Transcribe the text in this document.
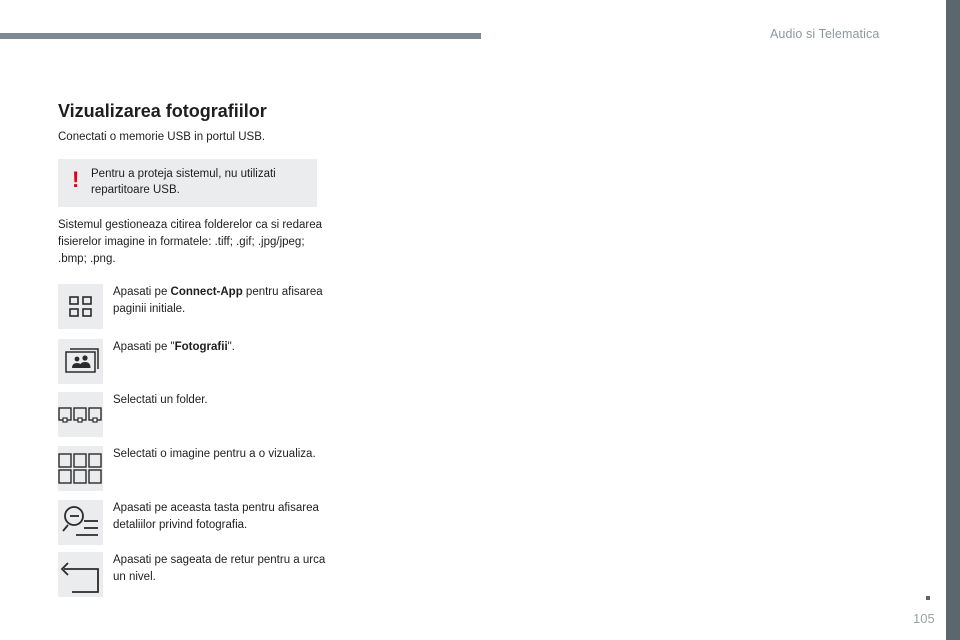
Audio si Telematica
105
Vizualizarea fotografiilor
Conectati o memorie USB in portul USB.
! Pentru a proteja sistemul, nu utilizati repartitoare USB.
Sistemul gestioneaza citirea folderelor ca si redarea fisierelor imagine in formatele: .tiff; .gif; .jpg/jpeg; .bmp; .png.
Apasati pe Connect-App pentru afisarea paginii initiale.
Apasati pe "Fotografii".
Selectati un folder.
Selectati o imagine pentru a o vizualiza.
Apasati pe aceasta tasta pentru afisarea detaliilor privind fotografia.
Apasati pe sageata de retur pentru a urca un nivel.
